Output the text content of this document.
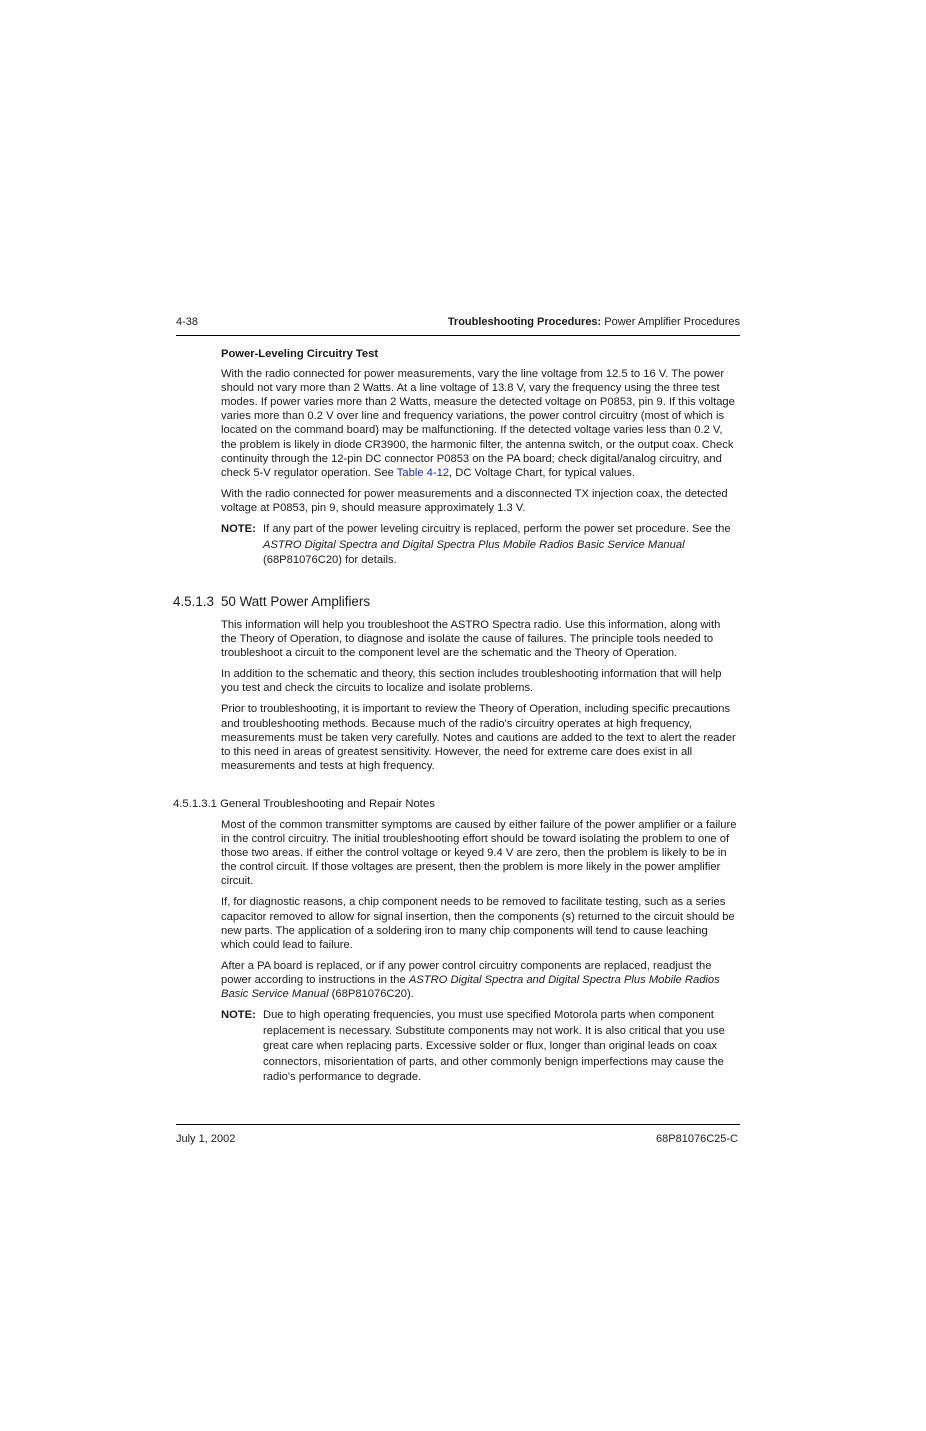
4-38	Troubleshooting Procedures: Power Amplifier Procedures
Power-Leveling Circuitry Test

With the radio connected for power measurements, vary the line voltage from 12.5 to 16 V. The power should not vary more than 2 Watts. At a line voltage of 13.8 V, vary the frequency using the three test modes. If power varies more than 2 Watts, measure the detected voltage on P0853, pin 9. If this voltage varies more than 0.2 V over line and frequency variations, the power control circuitry (most of which is located on the command board) may be malfunctioning. If the detected voltage varies less than 0.2 V, the problem is likely in diode CR3900, the harmonic filter, the antenna switch, or the output coax. Check continuity through the 12-pin DC connector P0853 on the PA board; check digital/analog circuitry, and check 5-V regulator operation. See Table 4-12, DC Voltage Chart, for typical values.

With the radio connected for power measurements and a disconnected TX injection coax, the detected voltage at P0853, pin 9, should measure approximately 1.3 V.

NOTE: If any part of the power leveling circuitry is replaced, perform the power set procedure. See the ASTRO Digital Spectra and Digital Spectra Plus Mobile Radios Basic Service Manual (68P81076C20) for details.
4.5.1.3 50 Watt Power Amplifiers

This information will help you troubleshoot the ASTRO Spectra radio. Use this information, along with the Theory of Operation, to diagnose and isolate the cause of failures. The principle tools needed to troubleshoot a circuit to the component level are the schematic and the Theory of Operation.

In addition to the schematic and theory, this section includes troubleshooting information that will help you test and check the circuits to localize and isolate problems.

Prior to troubleshooting, it is important to review the Theory of Operation, including specific precautions and troubleshooting methods. Because much of the radio's circuitry operates at high frequency, measurements must be taken very carefully. Notes and cautions are added to the text to alert the reader to this need in areas of greatest sensitivity. However, the need for extreme care does exist in all measurements and tests at high frequency.

4.5.1.3.1 General Troubleshooting and Repair Notes

Most of the common transmitter symptoms are caused by either failure of the power amplifier or a failure in the control circuitry. The initial troubleshooting effort should be toward isolating the problem to one of those two areas. If either the control voltage or keyed 9.4 V are zero, then the problem is likely to be in the control circuit. If those voltages are present, then the problem is more likely in the power amplifier circuit.

If, for diagnostic reasons, a chip component needs to be removed to facilitate testing, such as a series capacitor removed to allow for signal insertion, then the components (s) returned to the circuit should be new parts. The application of a soldering iron to many chip components will tend to cause leaching which could lead to failure.

After a PA board is replaced, or if any power control circuitry components are replaced, readjust the power according to instructions in the ASTRO Digital Spectra and Digital Spectra Plus Mobile Radios Basic Service Manual (68P81076C20).

NOTE: Due to high operating frequencies, you must use specified Motorola parts when component replacement is necessary. Substitute components may not work. It is also critical that you use great care when replacing parts. Excessive solder or flux, longer than original leads on coax connectors, misorientation of parts, and other commonly benign imperfections may cause the radio's performance to degrade.
July 1, 2002	68P81076C25-C
